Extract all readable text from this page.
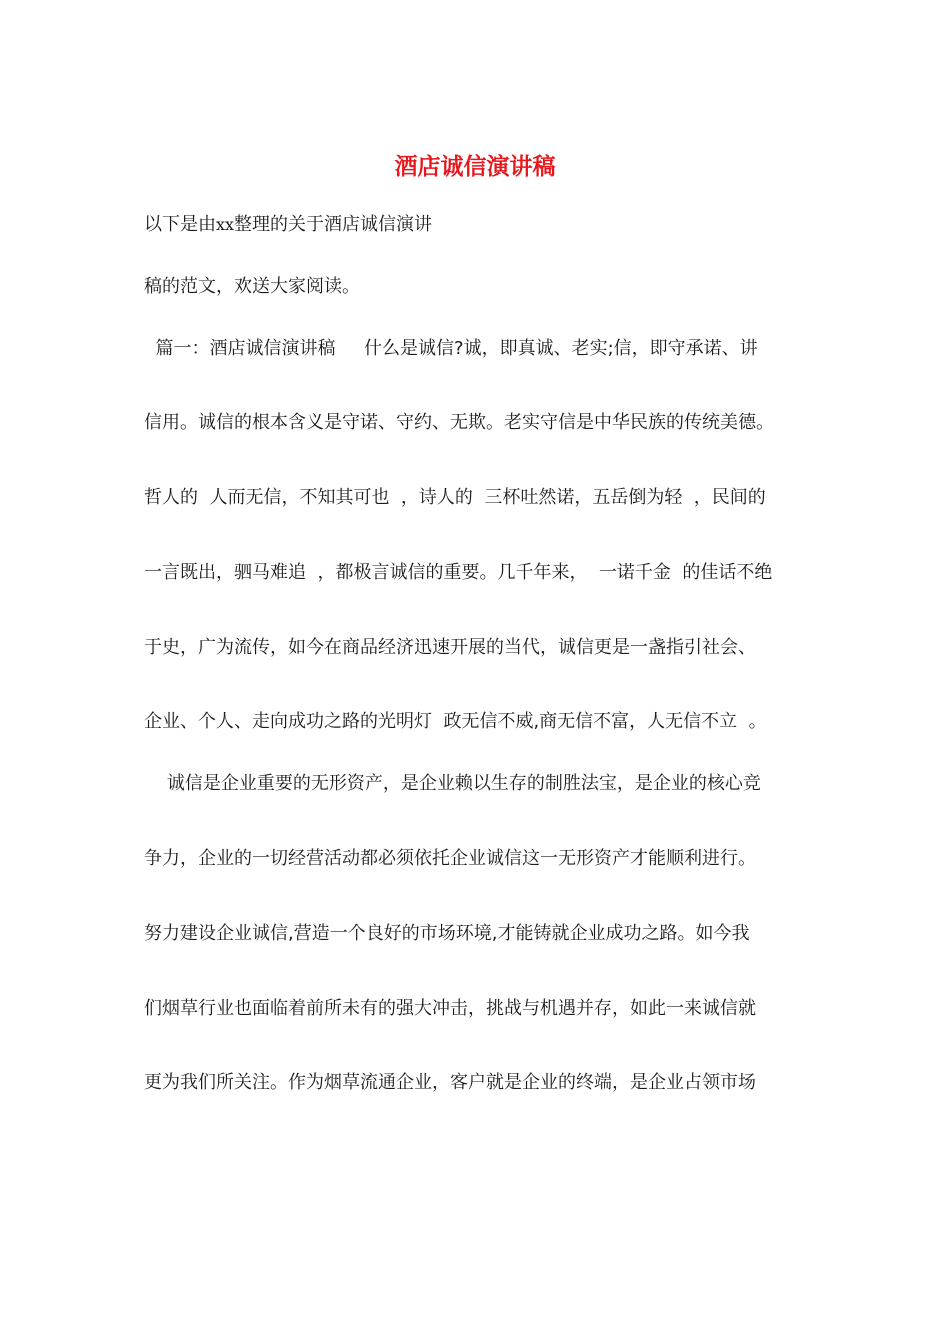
酒店诚信演讲稿
以下是由xx整理的关于酒店诚信演讲
稿的范文，欢送大家阅读。
篇一：酒店诚信演讲稿     什么是诚信?诚，即真诚、老实;信，即守承诺、讲
信用。诚信的根本含义是守诺、守约、无欺。老实守信是中华民族的传统美德。
哲人的  人而无信，不知其可也  ，诗人的  三杯吐然诺，五岳倒为轻  ，民间的
一言既出，驷马难追  ，都极言诚信的重要。几千年来，  一诺千金  的佳话不绝
于史，广为流传，如今在商品经济迅速开展的当代，诚信更是一盏指引社会、
企业、个人、走向成功之路的光明灯  政无信不威,商无信不富，人无信不立  。
诚信是企业重要的无形资产，是企业赖以生存的制胜法宝，是企业的核心竞
争力，企业的一切经营活动都必须依托企业诚信这一无形资产才能顺利进行。
努力建设企业诚信,营造一个良好的市场环境,才能铸就企业成功之路。如今我
们烟草行业也面临着前所未有的强大冲击，挑战与机遇并存，如此一来诚信就
更为我们所关注。作为烟草流通企业，客户就是企业的终端，是企业占领市场
